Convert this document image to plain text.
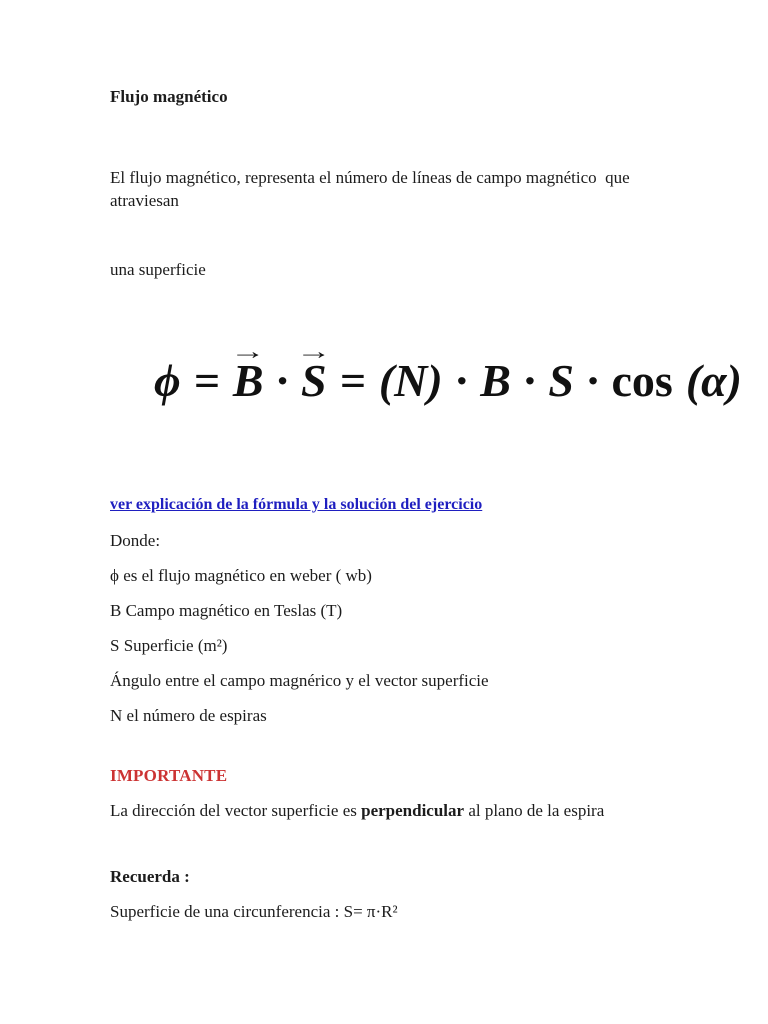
Flujo magnético

El flujo magnético, representa el número de líneas de campo magnético  que atraviesan

una superficie

ϕ = → B · → S = (N) · B · S · cos (α)
ver explicación de la fórmula y la solución del ejercicio

Donde:

ϕ es el flujo magnético en weber ( wb)

B Campo magnético en Teslas (T)

S Superficie (m²)

Ángulo entre el campo magnérico y el vector superficie

N el número de espiras

IMPORTANTE

La dirección del vector superficie es perpendicular al plano de la espira

Recuerda :

Superficie de una circunferencia : S= π·R²
